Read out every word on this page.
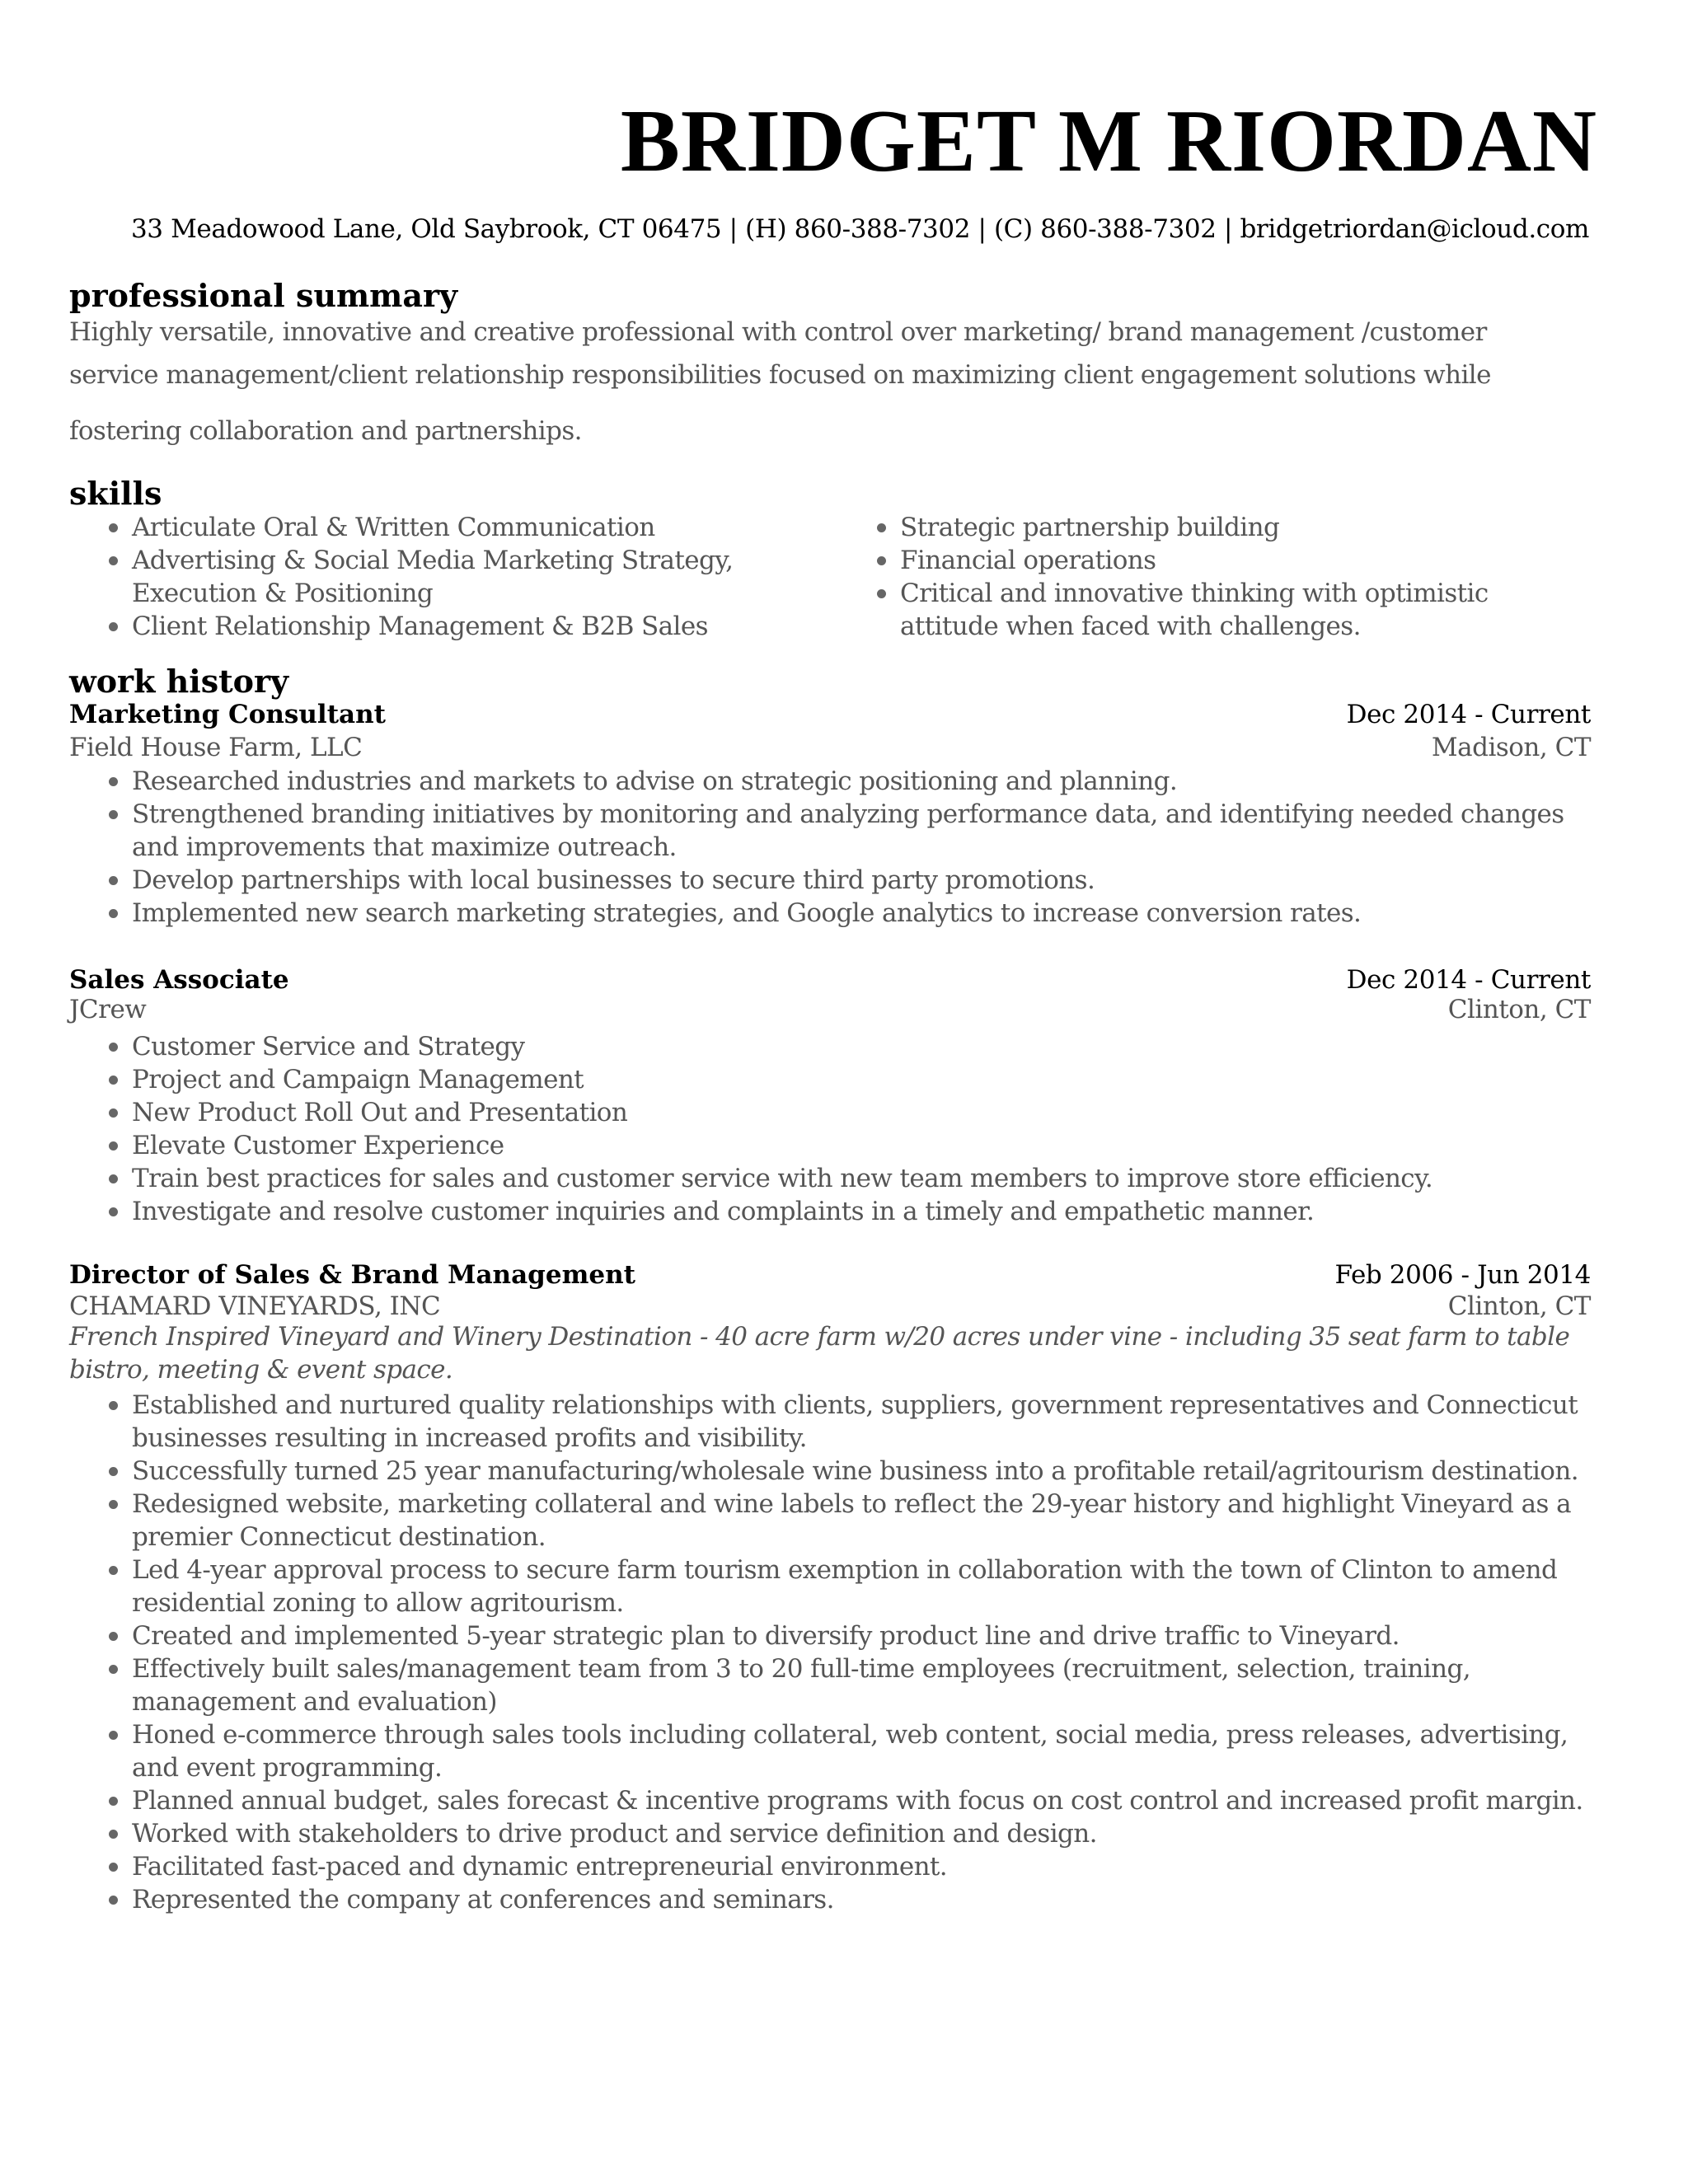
BRIDGET M RIORDAN
33 Meadowood Lane, Old Saybrook, CT 06475 | (H) 860-388-7302 | (C) 860-388-7302 | bridgetriordan@icloud.com
professional summary
Highly versatile, innovative and creative professional with control over marketing/ brand management /customer
service management/client relationship responsibilities focused on maximizing client engagement solutions while
fostering collaboration and partnerships.
skills
Articulate Oral & Written Communication
Advertising & Social Media Marketing Strategy, Execution & Positioning
Client Relationship Management & B2B Sales
Strategic partnership building
Financial operations
Critical and innovative thinking with optimistic attitude when faced with challenges.
work history
Marketing Consultant	Dec 2014 - Current
Field House Farm, LLC	Madison, CT
Researched industries and markets to advise on strategic positioning and planning.
Strengthened branding initiatives by monitoring and analyzing performance data, and identifying needed changes and improvements that maximize outreach.
Develop partnerships with local businesses to secure third party promotions.
Implemented new search marketing strategies, and Google analytics to increase conversion rates.
Sales Associate	Dec 2014 - Current
JCrew	Clinton, CT
Customer Service and Strategy
Project and Campaign Management
New Product Roll Out and Presentation
Elevate Customer Experience
Train best practices for sales and customer service with new team members to improve store efficiency.
Investigate and resolve customer inquiries and complaints in a timely and empathetic manner.
Director of Sales & Brand Management	Feb 2006 - Jun 2014
CHAMARD VINEYARDS, INC	Clinton, CT
French Inspired Vineyard and Winery Destination - 40 acre farm w/20 acres under vine - including 35 seat farm to table bistro, meeting & event space.
Established and nurtured quality relationships with clients, suppliers, government representatives and Connecticut businesses resulting in increased profits and visibility.
Successfully turned 25 year manufacturing/wholesale wine business into a profitable retail/agritourism destination.
Redesigned website, marketing collateral and wine labels to reflect the 29-year history and highlight Vineyard as a premier Connecticut destination.
Led 4-year approval process to secure farm tourism exemption in collaboration with the town of Clinton to amend residential zoning to allow agritourism.
Created and implemented 5-year strategic plan to diversify product line and drive traffic to Vineyard.
Effectively built sales/management team from 3 to 20 full-time employees (recruitment, selection, training, management and evaluation)
Honed e-commerce through sales tools including collateral, web content, social media, press releases, advertising, and event programming.
Planned annual budget, sales forecast & incentive programs with focus on cost control and increased profit margin.
Worked with stakeholders to drive product and service definition and design.
Facilitated fast-paced and dynamic entrepreneurial environment.
Represented the company at conferences and seminars.
